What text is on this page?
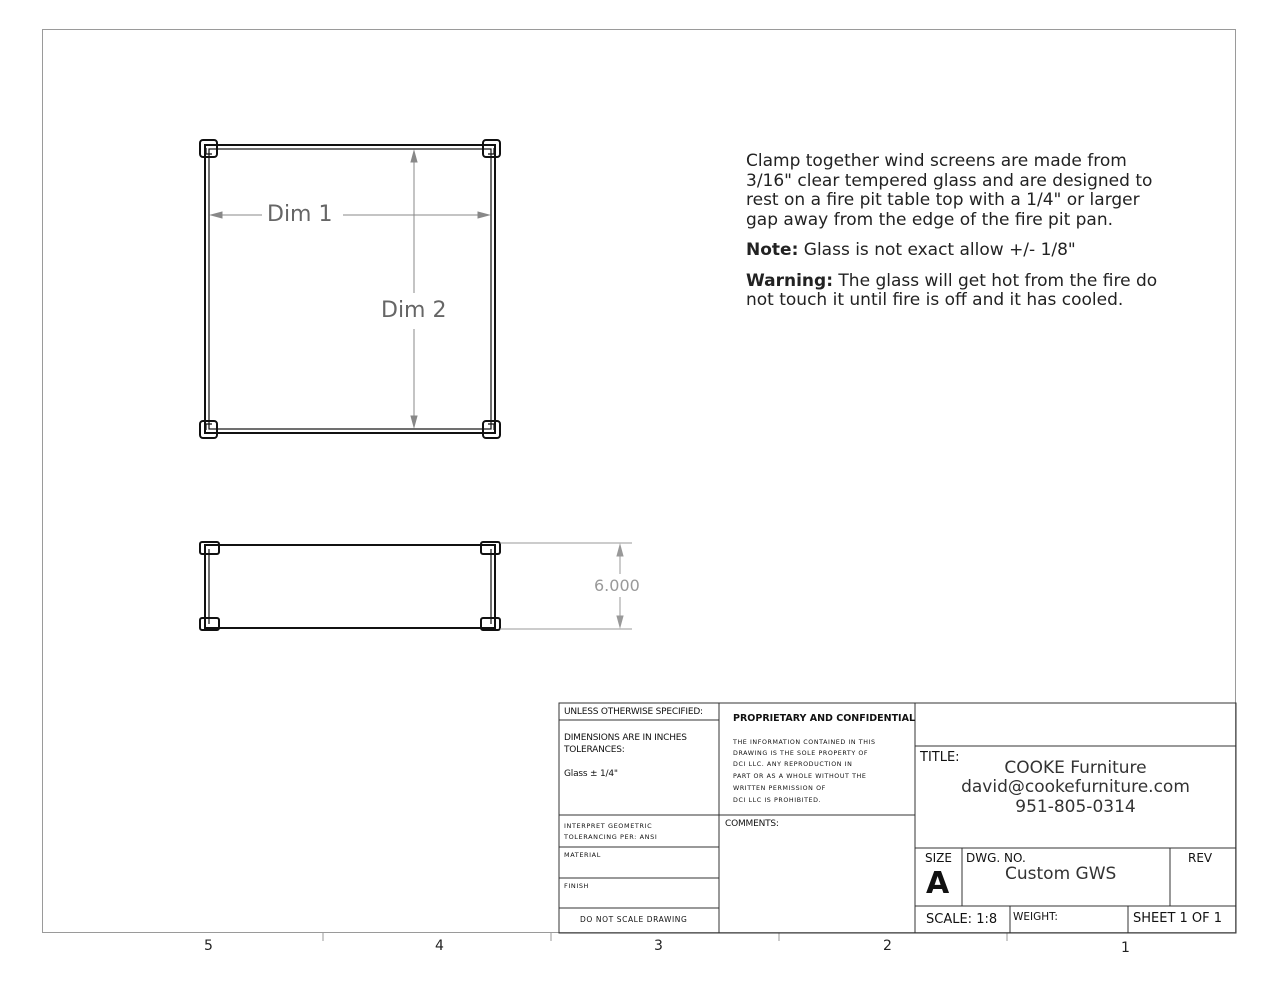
Dim 1
Dim 2
6.000

Clamp together wind screens are made from 3/16" clear tempered glass and are designed to rest on a fire pit table top with a 1/4" or larger gap away from the edge of the fire pit pan.

Note: Glass is not exact allow +/- 1/8"

Warning: The glass will get hot from the fire do not touch it until fire is off and it has cooled.

5	4	3	2	1
UNLESS OTHERWISE SPECIFIED:
DIMENSIONS ARE IN INCHES
TOLERANCES:
Glass ± 1/4"
INTERPRET GEOMETRIC
TOLERANCING PER: ANSI
MATERIAL
FINISH
DO NOT SCALE DRAWING
PROPRIETARY AND CONFIDENTIAL
THE INFORMATION CONTAINED IN THIS
DRAWING IS THE SOLE PROPERTY OF
DCI LLC. ANY REPRODUCTION IN
PART OR AS A WHOLE WITHOUT THE
WRITTEN PERMISSION OF
DCI LLC IS PROHIBITED.
COMMENTS:
TITLE:
COOKE Furniture
david@cookefurniture.com
951-805-0314
SIZE
A
DWG. NO.
Custom GWS
REV
SCALE: 1:8 WEIGHT:	SHEET 1 OF 1
